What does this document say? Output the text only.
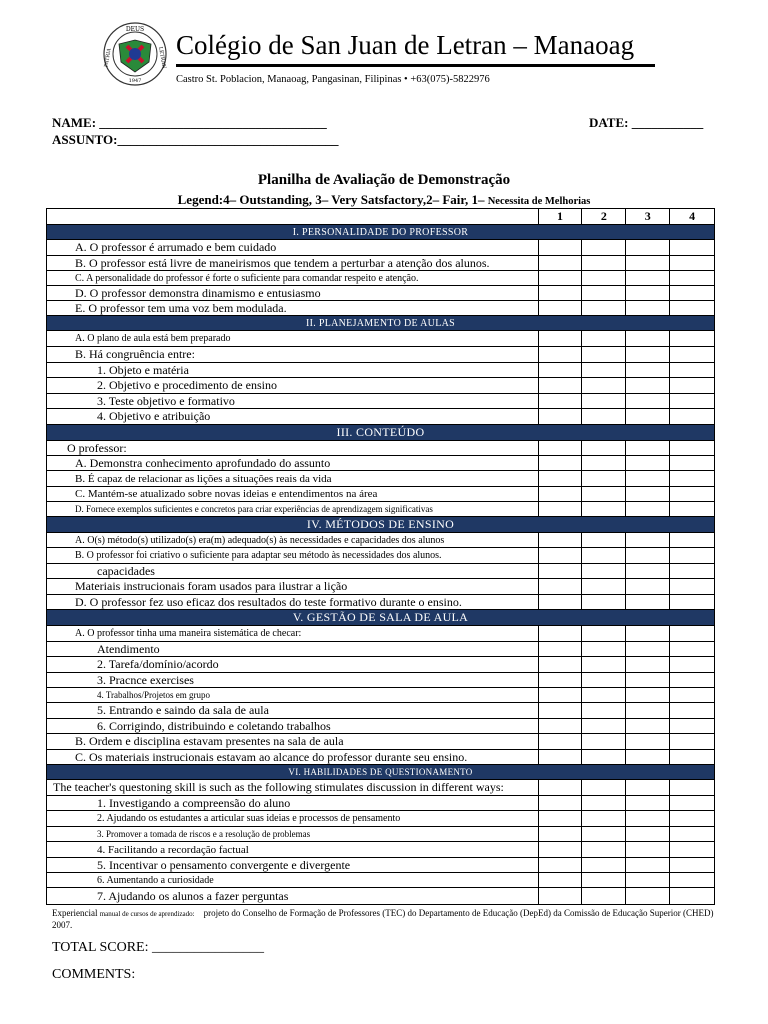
DEUS
PATRIA	LETRAN
1947
Colégio de San Juan de Letran – Manaoag
Castro St. Poblacion, Manaoag, Pangasinan, Filipinas • +63(075)-5822976
NAME: ___________________________________	DATE: ___________
ASSUNTO:__________________________________
Planilha de Avaliação de Demonstração
Legend:4– Outstanding, 3– Very Satsfactory,2– Fair, 1– Necessita de Melhorias
1	2	3	4
I. PERSONALIDADE DO PROFESSOR
A. O professor é arrumado e bem cuidado
B. O professor está livre de maneirismos que tendem a perturbar a atenção dos alunos.
C. A personalidade do professor é forte o suficiente para comandar respeito e atenção.
D. O professor demonstra dinamismo e entusiasmo
E. O professor tem uma voz bem modulada.
II. PLANEJAMENTO DE AULAS
A. O plano de aula está bem preparado
B. Há congruência entre:
1. Objeto e matéria
2. Objetivo e procedimento de ensino
3. Teste objetivo e formativo
4. Objetivo e atribuição
III. CONTEÚDO
O professor:
A. Demonstra conhecimento aprofundado do assunto
B. É capaz de relacionar as lições a situações reais da vida
C. Mantém-se atualizado sobre novas ideias e entendimentos na área
D. Fornece exemplos suficientes e concretos para criar experiências de aprendizagem significativas
IV. MÉTODOS DE ENSINO
A. O(s) método(s) utilizado(s) era(m) adequado(s) às necessidades e capacidades dos alunos
B. O professor foi criativo o suficiente para adaptar seu método às necessidades dos alunos.
capacidades
Materiais instrucionais foram usados para ilustrar a lição
D. O professor fez uso eficaz dos resultados do teste formativo durante o ensino.
V. GESTÃO DE SALA DE AULA
A. O professor tinha uma maneira sistemática de checar:
Atendimento
2. Tarefa/domínio/acordo
3. Pracnce exercises
4. Trabalhos/Projetos em grupo
5. Entrando e saindo da sala de aula
6. Corrigindo, distribuindo e coletando trabalhos
B. Ordem e disciplina estavam presentes na sala de aula
C. Os materiais instrucionais estavam ao alcance do professor durante seu ensino.
VI. HABILIDADES DE QUESTIONAMENTO
The teacher's questoning skill is such as the following stimulates discussion in different ways:
1. Investigando a compreensão do aluno
2. Ajudando os estudantes a articular suas ideias e processos de pensamento
3. Promover a tomada de riscos e a resolução de problemas
4. Facilitando a recordação factual
5. Incentivar o pensamento convergente e divergente
6. Aumentando a curiosidade
7. Ajudando os alunos a fazer perguntas
Experiencial manual de cursos de aprendizado: projeto do Conselho de Formação de Professores (TEC) do Departamento de Educação (DepEd) da Comissão de Educação Superior (CHED) 2007.
TOTAL SCORE: ________________
COMMENTS:
